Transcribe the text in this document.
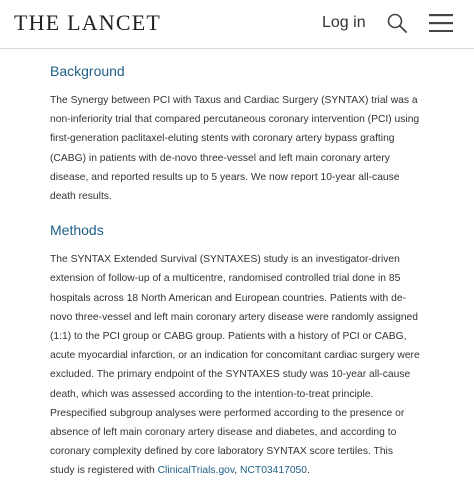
THE LANCET	Log in
Background

The Synergy between PCI with Taxus and Cardiac Surgery (SYNTAX) trial was a non-inferiority trial that compared percutaneous coronary intervention (PCI) using first-generation paclitaxel-eluting stents with coronary artery bypass grafting (CABG) in patients with de-novo three-vessel and left main coronary artery disease, and reported results up to 5 years. We now report 10-year all-cause death results.

Methods

The SYNTAX Extended Survival (SYNTAXES) study is an investigator-driven extension of follow-up of a multicentre, randomised controlled trial done in 85 hospitals across 18 North American and European countries. Patients with de-novo three-vessel and left main coronary artery disease were randomly assigned (1:1) to the PCI group or CABG group. Patients with a history of PCI or CABG, acute myocardial infarction, or an indication for concomitant cardiac surgery were excluded. The primary endpoint of the SYNTAXES study was 10-year all-cause death, which was assessed according to the intention-to-treat principle. Prespecified subgroup analyses were performed according to the presence or absence of left main coronary artery disease and diabetes, and according to coronary complexity defined by core laboratory SYNTAX score tertiles. This study is registered with ClinicalTrials.gov, NCT03417050.
